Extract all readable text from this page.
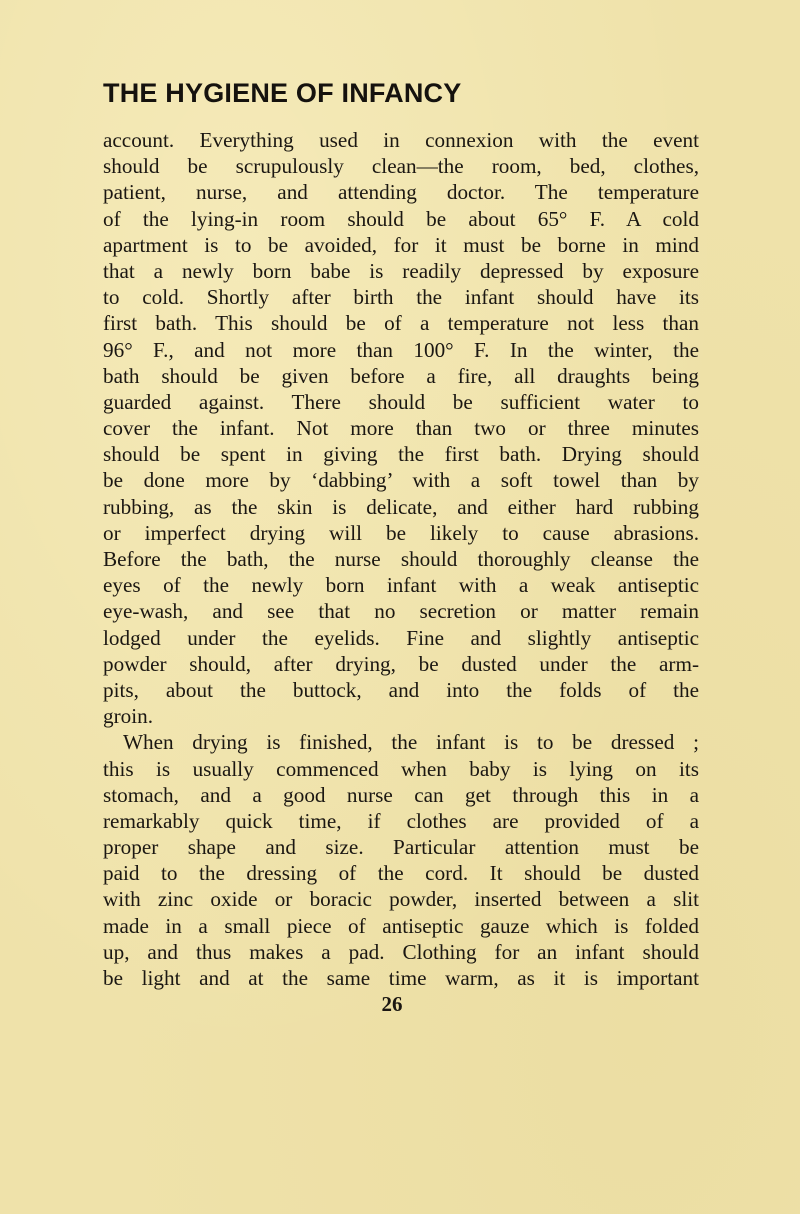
THE HYGIENE OF INFANCY
account. Everything used in connexion with the event
should be scrupulously clean—the room, bed, clothes,
patient, nurse, and attending doctor. The temperature
of the lying-in room should be about 65° F. A cold
apartment is to be avoided, for it must be borne in mind
that a newly born babe is readily depressed by exposure
to cold. Shortly after birth the infant should have its
first bath. This should be of a temperature not less than
96° F., and not more than 100° F. In the winter, the
bath should be given before a fire, all draughts being
guarded against. There should be sufficient water to
cover the infant. Not more than two or three minutes
should be spent in giving the first bath. Drying should
be done more by ‘dabbing’ with a soft towel than by
rubbing, as the skin is delicate, and either hard rubbing
or imperfect drying will be likely to cause abrasions.
Before the bath, the nurse should thoroughly cleanse the
eyes of the newly born infant with a weak antiseptic
eye-wash, and see that no secretion or matter remain
lodged under the eyelids. Fine and slightly antiseptic
powder should, after drying, be dusted under the arm-
pits, about the buttock, and into the folds of the
groin.
When drying is finished, the infant is to be dressed ;
this is usually commenced when baby is lying on its
stomach, and a good nurse can get through this in a
remarkably quick time, if clothes are provided of a
proper shape and size. Particular attention must be
paid to the dressing of the cord. It should be dusted
with zinc oxide or boracic powder, inserted between a slit
made in a small piece of antiseptic gauze which is folded
up, and thus makes a pad. Clothing for an infant should
be light and at the same time warm, as it is important
26
